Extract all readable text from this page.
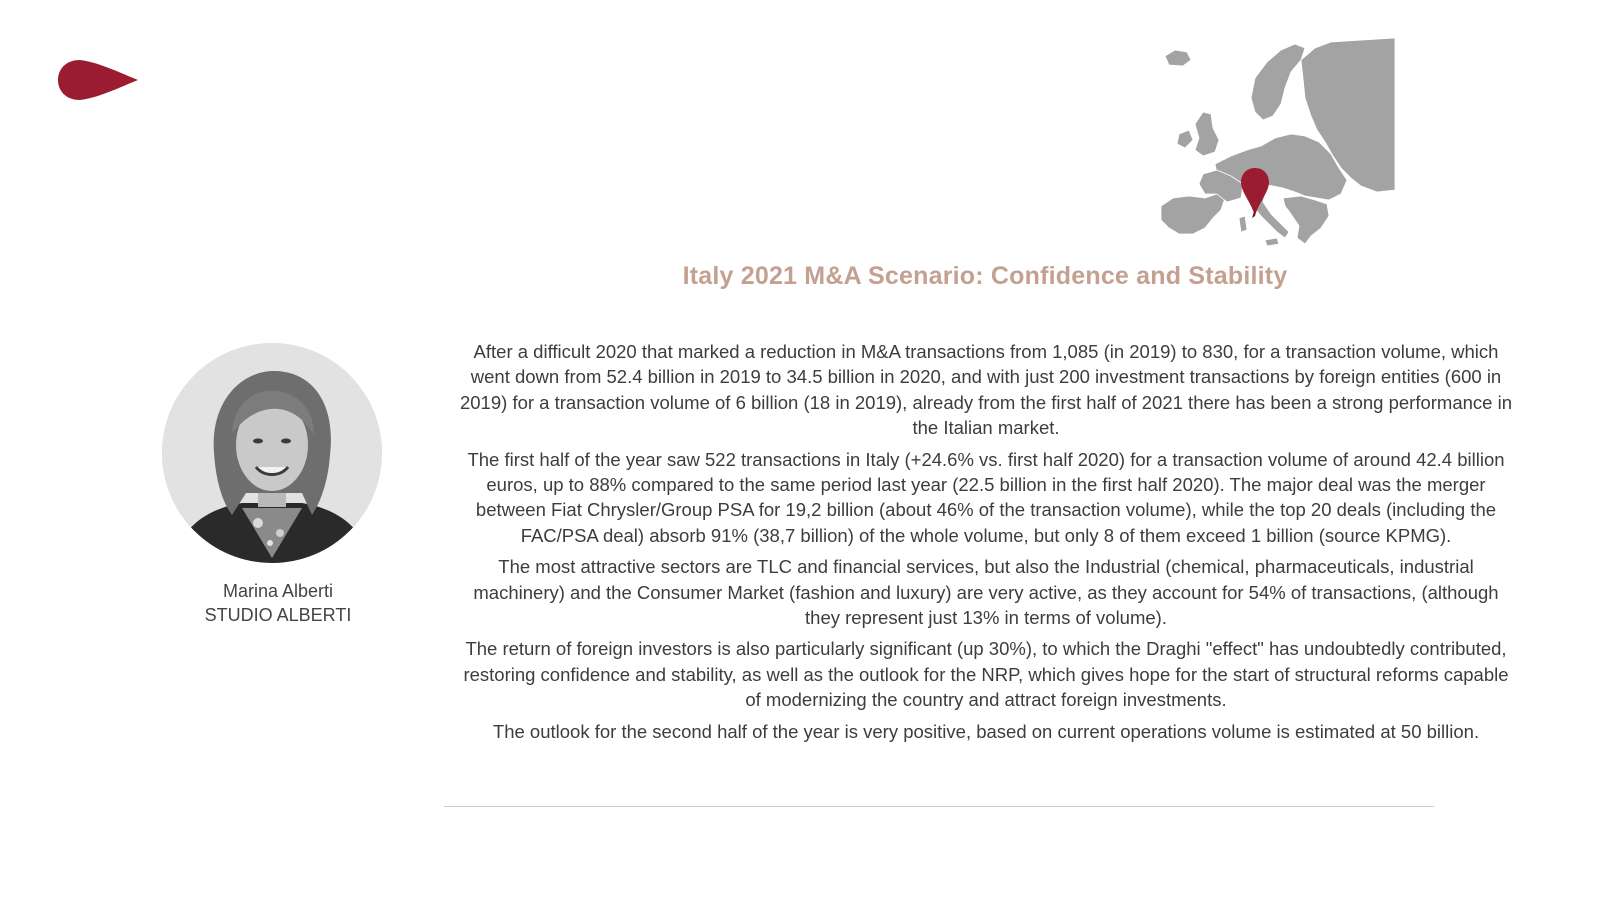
Italy 2021 M&A Scenario: Confidence and Stability
Marina Alberti
STUDIO ALBERTI

After a difficult 2020 that marked a reduction in M&A transactions from 1,085 (in 2019) to 830, for a transaction volume, which went down from 52.4 billion in 2019 to 34.5 billion in 2020, and with just 200 investment transactions by foreign entities (600 in 2019) for a transaction volume of 6 billion (18 in 2019), already from the first half of 2021 there has been a strong performance in the Italian market.

The first half of the year saw 522 transactions in Italy (+24.6% vs. first half 2020) for a transaction volume of around 42.4 billion euros, up to 88% compared to the same period last year (22.5 billion in the first half 2020). The major deal was the merger between Fiat Chrysler/Group PSA for 19,2 billion (about 46% of the transaction volume), while the top 20 deals (including the FAC/PSA deal) absorb 91% (38,7 billion) of the whole volume, but only 8 of them exceed 1 billion (source KPMG).

The most attractive sectors are TLC and financial services, but also the Industrial (chemical, pharmaceuticals, industrial machinery) and the Consumer Market (fashion and luxury) are very active, as they account for 54% of transactions, (although they represent just 13% in terms of volume).

The return of foreign investors is also particularly significant (up 30%), to which the Draghi "effect" has undoubtedly contributed, restoring confidence and stability, as well as the outlook for the NRP, which gives hope for the start of structural reforms capable of modernizing the country and attract foreign investments.

The outlook for the second half of the year is very positive, based on current operations volume is estimated at 50 billion.
